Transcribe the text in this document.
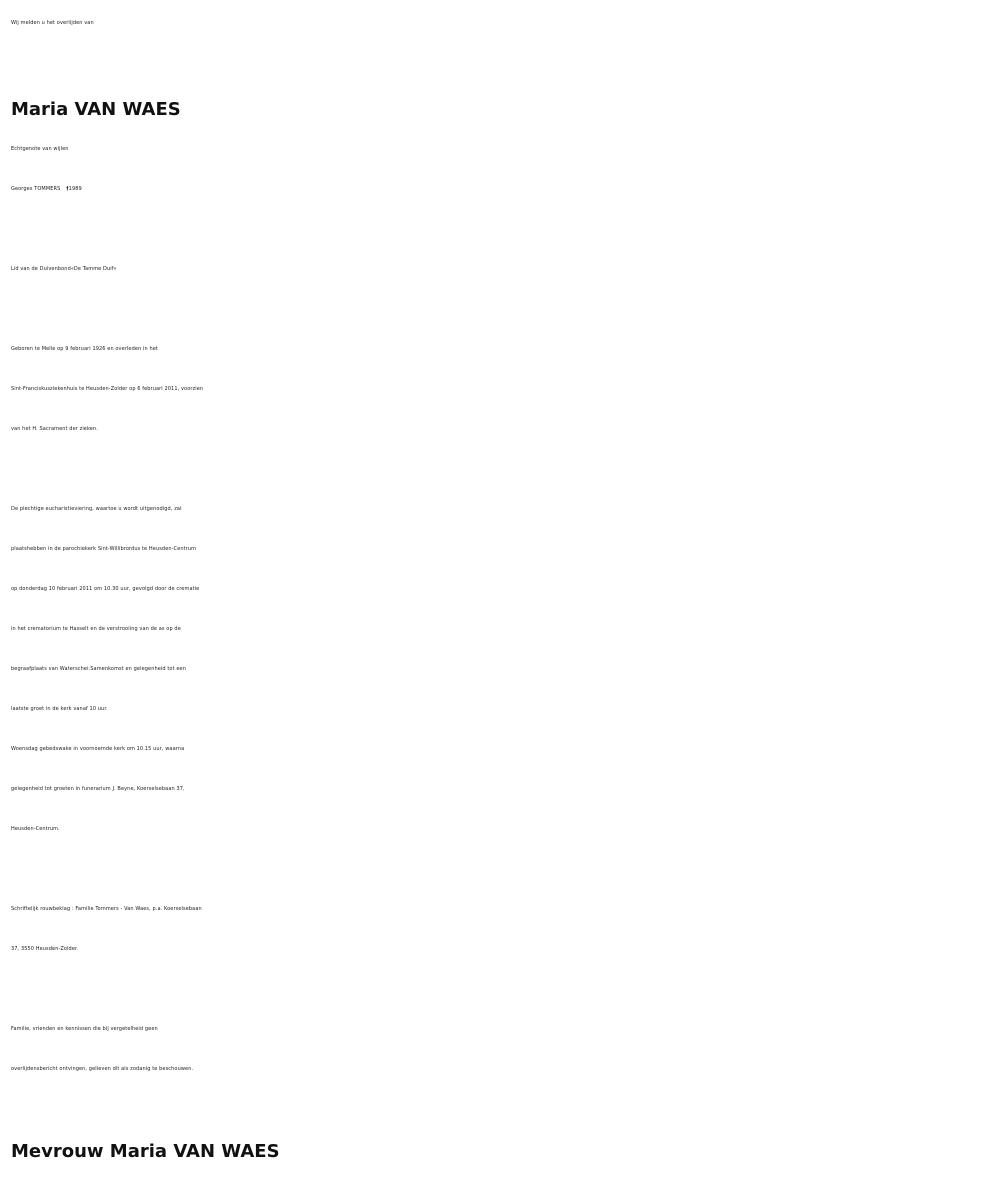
Wij melden u het overlijden van
Maria VAN WAES
Echtgenote van wijlen
Georges TOMMERS †1989
Lid van de Duivenbond«De Tamme Duif»
Geboren te Melle op 9 februari 1926 en overleden in het
Sint-Franciskusziekenhuis te Heusden-Zolder op 6 februari 2011, voorzien
van het H. Sacrament der zieken.
De plechtige eucharistieviering, waartoe u wordt uitgenodigd, zal
plaatshebben in de parochiekerk Sint-Willibrordus te Heusden-Centrum
op donderdag 10 februari 2011 om 10.30 uur, gevolgd door de crematie
in het crematorium te Hasselt en de verstrooiing van de as op de
begraafplaats van Waterschei.Samenkomst en gelegenheid tot een
laatste groet in de kerk vanaf 10 uur.
Woensdag gebedswake in voornoemde kerk om 10.15 uur, waarna
gelegenheid tot groeten in funerarium J. Beyne, Koerselsebaan 37,
Heusden-Centrum.
Schriftelijk rouwbeklag : Familie Tommers - Van Waes, p.a. Koerselsebaan
37, 3550 Heusden-Zolder.
Familie, vrienden en kennissen die bij vergetelheid geen
overlijdensbericht ontvingen, gelieven dit als zodanig te beschouwen.
Mevrouw Maria VAN WAES
